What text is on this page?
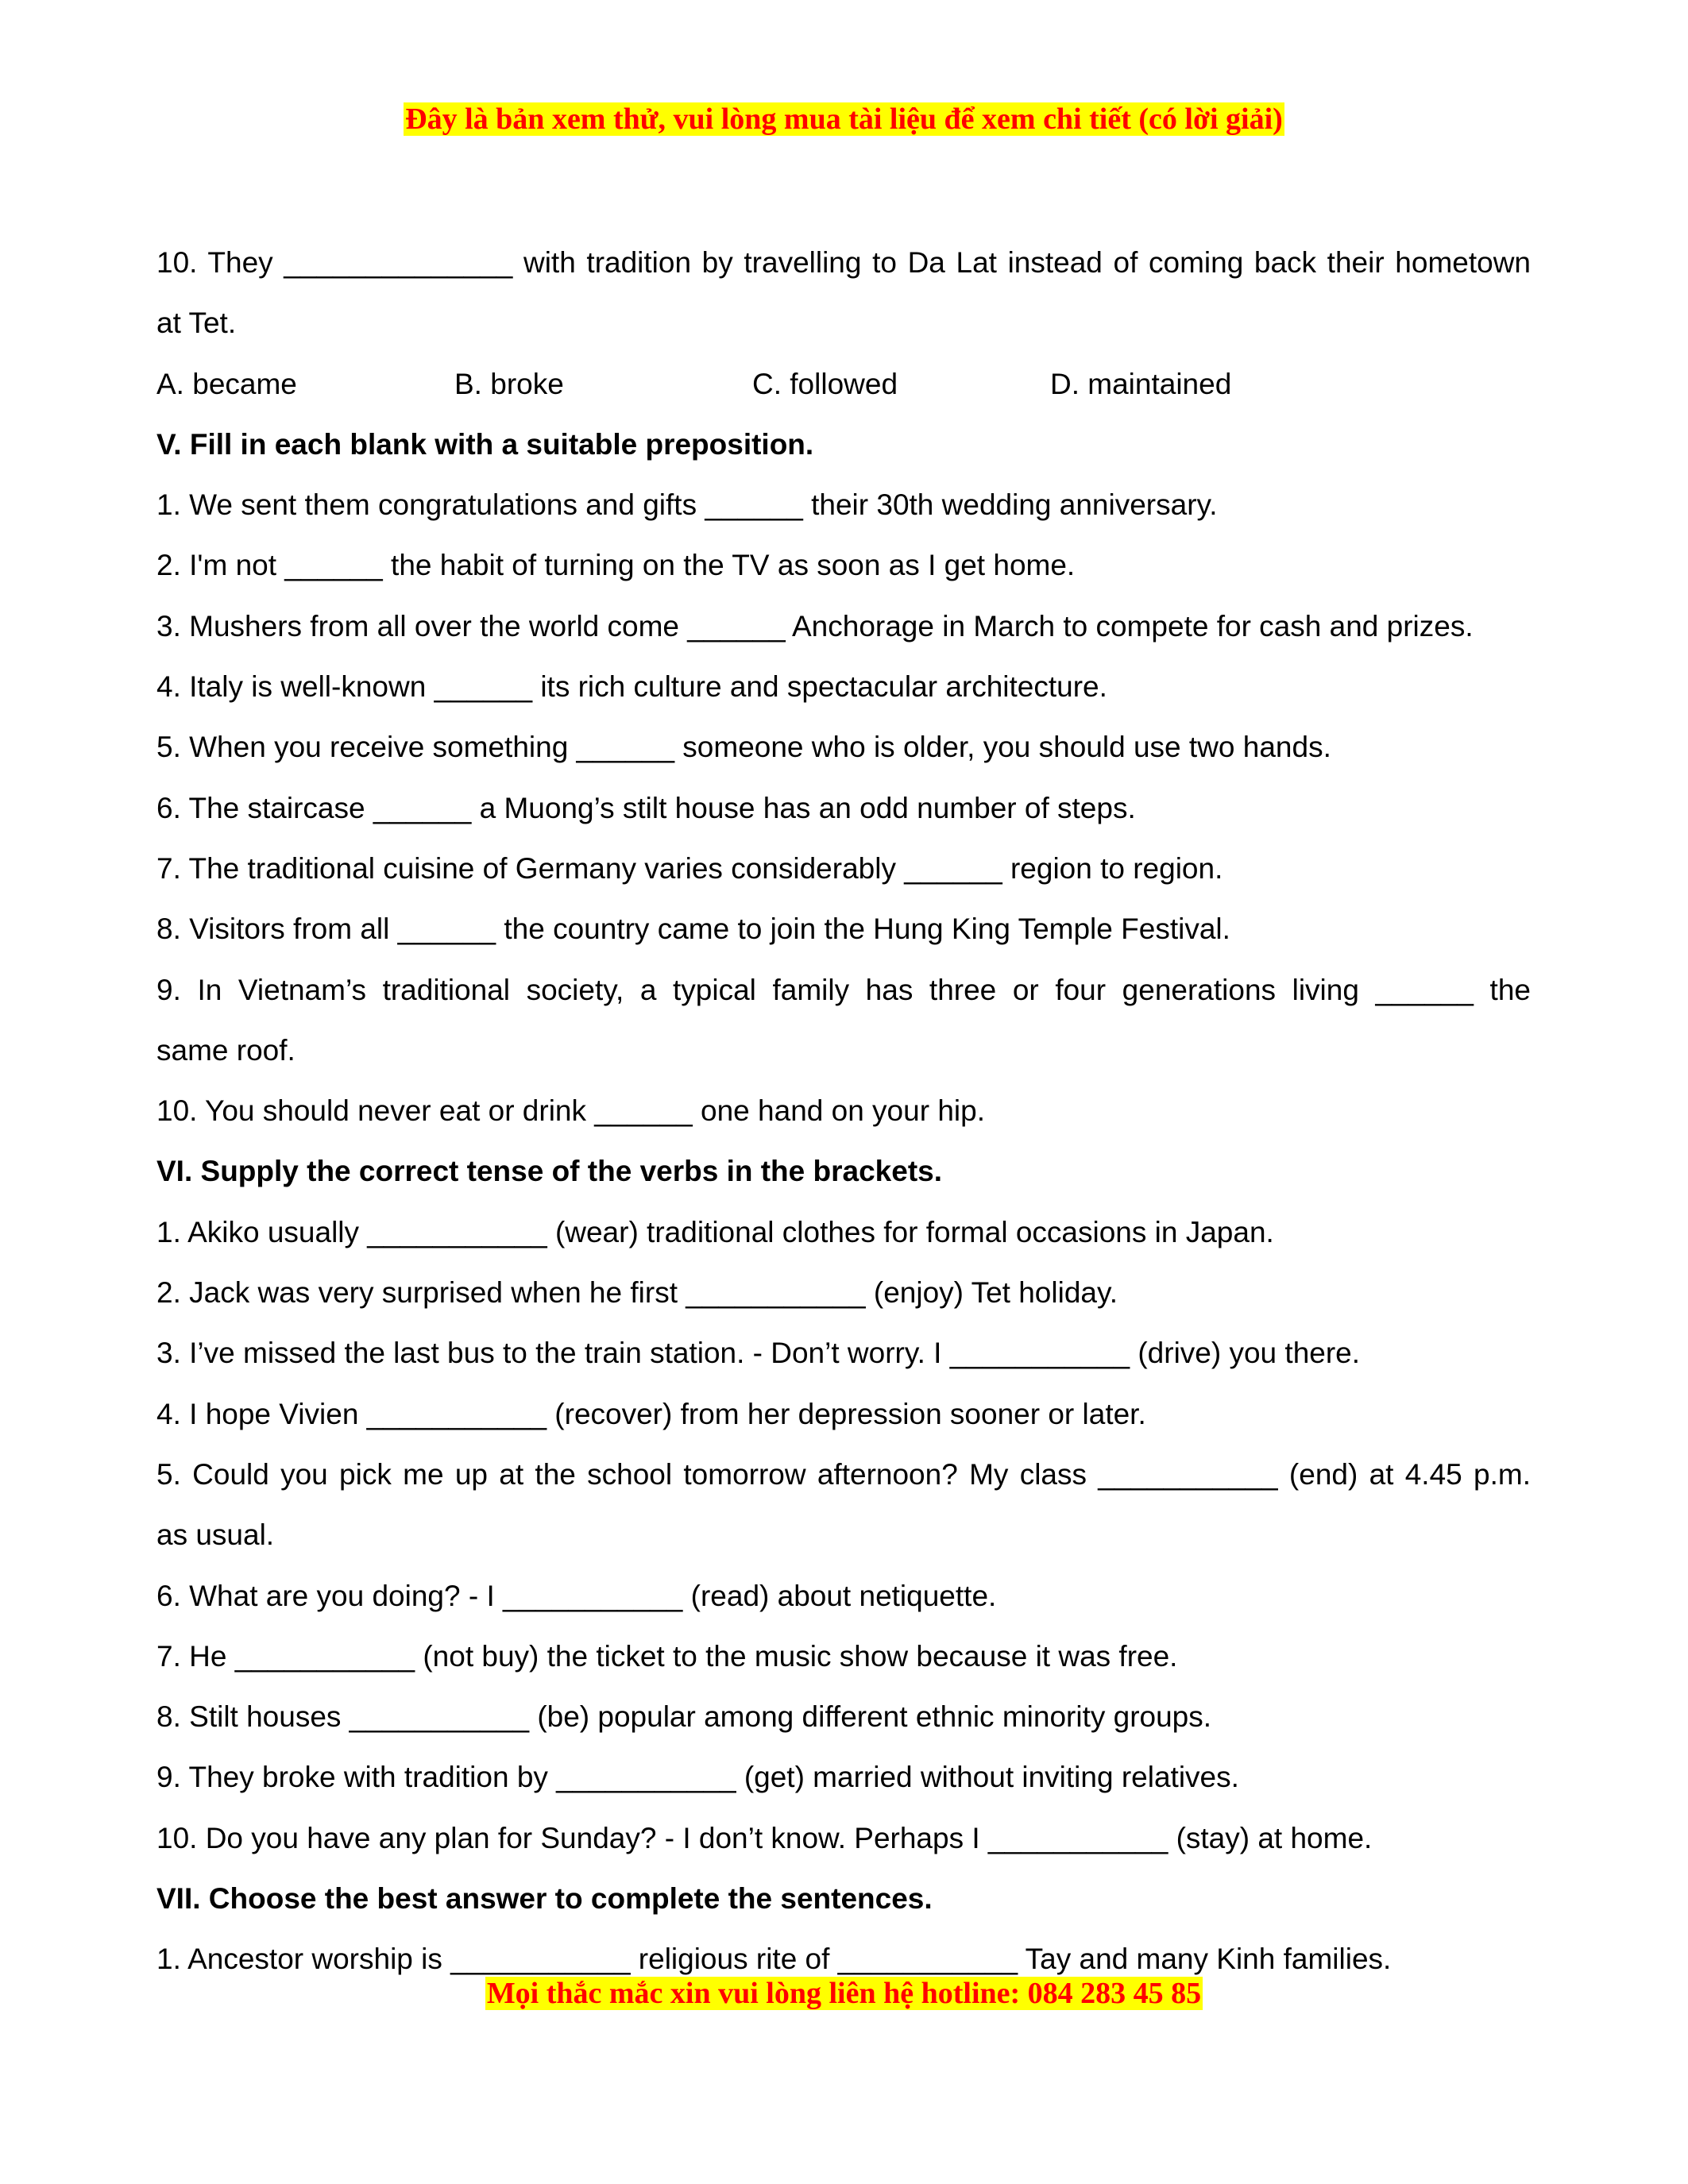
Đây là bản xem thử, vui lòng mua tài liệu để xem chi tiết (có lời giải)
10. They ______________ with tradition by travelling to Da Lat instead of coming back their hometown
at Tet.
A. became	B. broke	C. followed	D. maintained
V. Fill in each blank with a suitable preposition.
1. We sent them congratulations and gifts ______ their 30th wedding anniversary.
2. I'm not ______ the habit of turning on the TV as soon as I get home.
3. Mushers from all over the world come ______ Anchorage in March to compete for cash and prizes.
4. Italy is well-known ______ its rich culture and spectacular architecture.
5. When you receive something ______ someone who is older, you should use two hands.
6. The staircase ______ a Muong’s stilt house has an odd number of steps.
7. The traditional cuisine of Germany varies considerably ______ region to region.
8. Visitors from all ______ the country came to join the Hung King Temple Festival.
9. In Vietnam’s traditional society, a typical family has three or four generations living ______ the
same roof.
10. You should never eat or drink ______ one hand on your hip.
VI. Supply the correct tense of the verbs in the brackets.
1. Akiko usually ___________ (wear) traditional clothes for formal occasions in Japan.
2. Jack was very surprised when he first ___________ (enjoy) Tet holiday.
3. I’ve missed the last bus to the train station. - Don’t worry. I ___________ (drive) you there.
4. I hope Vivien ___________ (recover) from her depression sooner or later.
5. Could you pick me up at the school tomorrow afternoon? My class ___________ (end) at 4.45 p.m.
as usual.
6. What are you doing? - I ___________ (read) about netiquette.
7. He ___________ (not buy) the ticket to the music show because it was free.
8. Stilt houses ___________ (be) popular among different ethnic minority groups.
9. They broke with tradition by ___________ (get) married without inviting relatives.
10. Do you have any plan for Sunday? - I don’t know. Perhaps I ___________ (stay) at home.
VII. Choose the best answer to complete the sentences.
1. Ancestor worship is ___________ religious rite of ___________ Tay and many Kinh families.
Mọi thắc mắc xin vui lòng liên hệ hotline: 084 283 45 85
